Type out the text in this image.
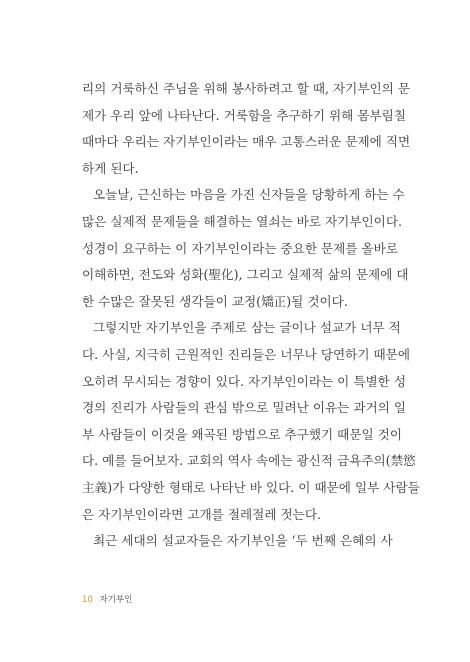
리의 거룩하신 주님을 위해 봉사하려고 할 때, 자기부인의 문
제가 우리 앞에 나타난다. 거룩함을 추구하기 위해 몸부림칠
때마다 우리는 자기부인이라는 매우 고통스러운 문제에 직면
하게 된다.
오늘날, 근신하는 마음을 가진 신자들을 당황하게 하는 수
많은 실제적 문제들을 해결하는 열쇠는 바로 자기부인이다.
성경이 요구하는 이 자기부인이라는 중요한 문제를 올바로
이해하면, 전도와 성화(聖化), 그리고 실제적 삶의 문제에 대
한 수많은 잘못된 생각들이 교정(矯正)될 것이다.
그렇지만 자기부인을 주제로 삼는 글이나 설교가 너무 적
다. 사실, 지극히 근원적인 진리들은 너무나 당연하기 때문에
오히려 무시되는 경향이 있다. 자기부인이라는 이 특별한 성
경의 진리가 사람들의 관심 밖으로 밀려난 이유는 과거의 일
부 사람들이 이것을 왜곡된 방법으로 추구했기 때문일 것이
다. 예를 들어보자. 교회의 역사 속에는 광신적 금욕주의(禁慾
主義)가 다양한 형태로 나타난 바 있다. 이 때문에 일부 사람들
은 자기부인이라면 고개를 절레절레 젓는다.
최근 세대의 설교자들은 자기부인을 ‘두 번째 은혜의 사
10 자기부인
